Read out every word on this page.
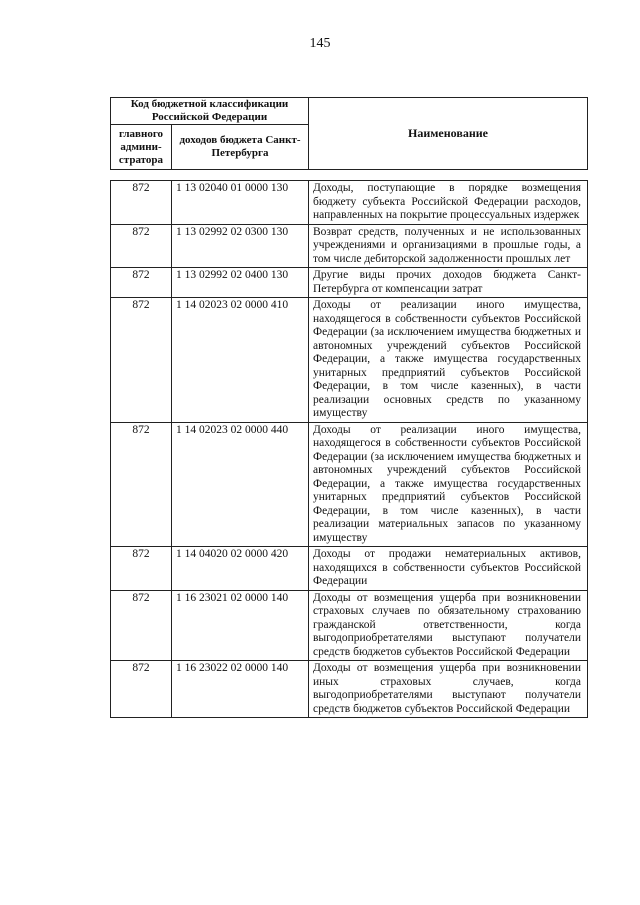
145
Код бюджетной классификации Российской Федерации		Наименование
главного админи- стратора	доходов бюджета Санкт-Петербурга	
872	1 13 02040 01 0000 130	Доходы, поступающие в порядке возмещения бюджету субъекта Российской Федерации расходов, направленных на покрытие процессуальных издержек
872	1 13 02992 02 0300 130	Возврат средств, полученных и не использованных учреждениями и организациями в прошлые годы, а том числе дебиторской задолженности прошлых лет
872	1 13 02992 02 0400 130	Другие виды прочих доходов бюджета Санкт-Петербурга от компенсации затрат
872	1 14 02023 02 0000 410	Доходы от реализации иного имущества, находящегося в собственности субъектов Российской Федерации (за исключением имущества бюджетных и автономных учреждений субъектов Российской Федерации, а также имущества государственных унитарных предприятий субъектов Российской Федерации, в том числе казенных), в части реализации основных средств по указанному имуществу
872	1 14 02023 02 0000 440	Доходы от реализации иного имущества, находящегося в собственности субъектов Российской Федерации (за исключением имущества бюджетных и автономных учреждений субъектов Российской Федерации, а также имущества государственных унитарных предприятий субъектов Российской Федерации, в том числе казенных), в части реализации материальных запасов по указанному имуществу
872	1 14 04020 02 0000 420	Доходы от продажи нематериальных активов, находящихся в собственности субъектов Российской Федерации
872	1 16 23021 02 0000 140	Доходы от возмещения ущерба при возникновении страховых случаев по обязательному страхованию гражданской ответственности, когда выгодоприобретателями выступают получатели средств бюджетов субъектов Российской Федерации
872	1 16 23022 02 0000 140	Доходы от возмещения ущерба при возникновении иных страховых случаев, когда выгодоприобретателями выступают получатели средств бюджетов субъектов Российской Федерации
